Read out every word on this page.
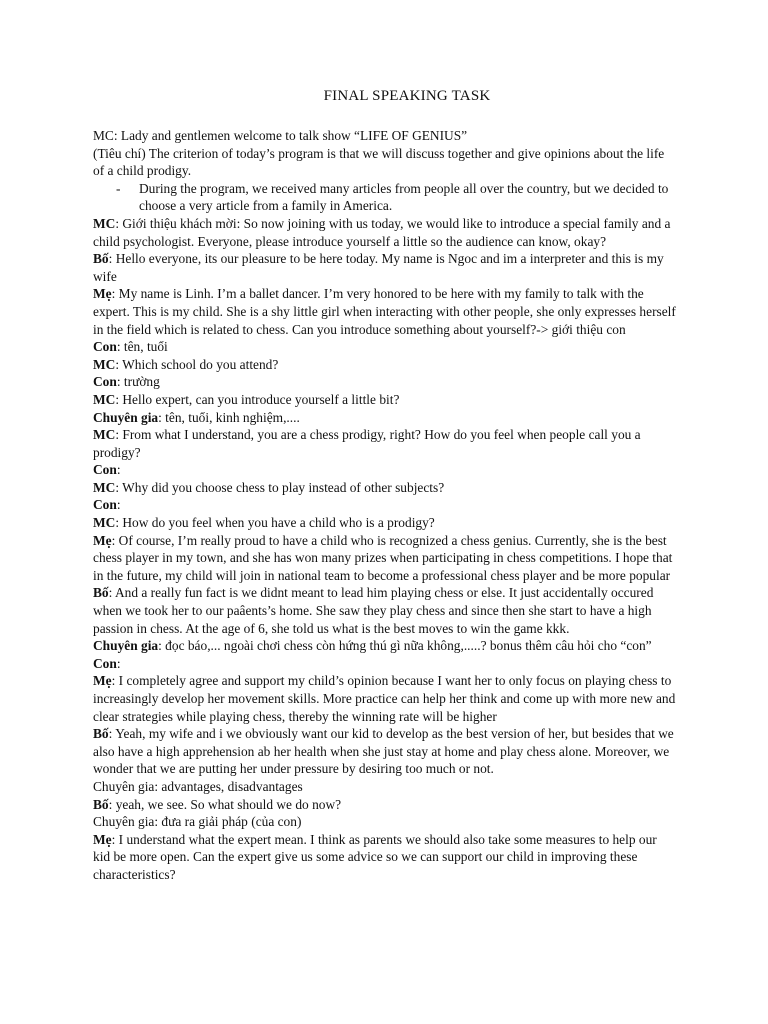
FINAL SPEAKING TASK

MC: Lady and gentlemen welcome to talk show “LIFE OF GENIUS”

(Tiêu chí) The criterion of today’s program is that we will discuss together and give opinions about the life of a child prodigy.

- During the program, we received many articles from people all over the country, but we decided to choose a very article from a family in America.

MC: Giới thiệu khách mời: So now joining with us today, we would like to introduce a special family and a child psychologist. Everyone, please introduce yourself a little so the audience can know, okay?

Bố: Hello everyone, its our pleasure to be here today. My name is Ngoc and im a interpreter and this is my wife

Mẹ: My name is Linh. I’m a ballet dancer. I’m very honored to be here with my family to talk with the expert. This is my child. She is a shy little girl when interacting with other people, she only expresses herself in the field which is related to chess. Can you introduce something about yourself?-> giới thiệu con

Con: tên, tuổi

MC: Which school do you attend?

Con: trường

MC: Hello expert, can you introduce yourself a little bit?

Chuyên gia: tên, tuổi, kinh nghiệm,....

MC: From what I understand, you are a chess prodigy, right? How do you feel when people call you a prodigy?

Con:

MC: Why did you choose chess to play instead of other subjects?

Con:

MC: How do you feel when you have a child who is a prodigy?

Mẹ: Of course, I’m really proud to have a child who is recognized a chess genius. Currently, she is the best chess player in my town, and she has won many prizes when participating in chess competitions. I hope that in the future, my child will join in national team to become a professional chess player and be more popular

Bố: And a really fun fact is we didnt meant to lead him playing chess or else. It just accidentally occured when we took her to our paâents’s home. She saw they play chess and since then she start to have a high passion in chess. At the age of 6, she told us what is the best moves to win the game kkk.

Chuyên gia: đọc báo,... ngoài chơi chess còn hứng thú gì nữa không,.....? bonus thêm câu hỏi cho “con”

Con:

Mẹ: I completely agree and support my child’s opinion because I want her to only focus on playing chess to increasingly develop her movement skills. More practice can help her think and come up with more new and clear strategies while playing chess, thereby the winning rate will be higher

Bố: Yeah, my wife and i we obviously want our kid to develop as the best version of her, but besides that we also have a high apprehension ab her health when she just stay at home and play chess alone. Moreover, we wonder that we are putting her under pressure by desiring too much or not.

Chuyên gia: advantages, disadvantages

Bố: yeah, we see. So what should we do now?

Chuyên gia: đưa ra giải pháp (của con)

Mẹ: I understand what the expert mean. I think as parents we should also take some measures to help our kid be more open. Can the expert give us some advice so we can support our child in improving these characteristics?
